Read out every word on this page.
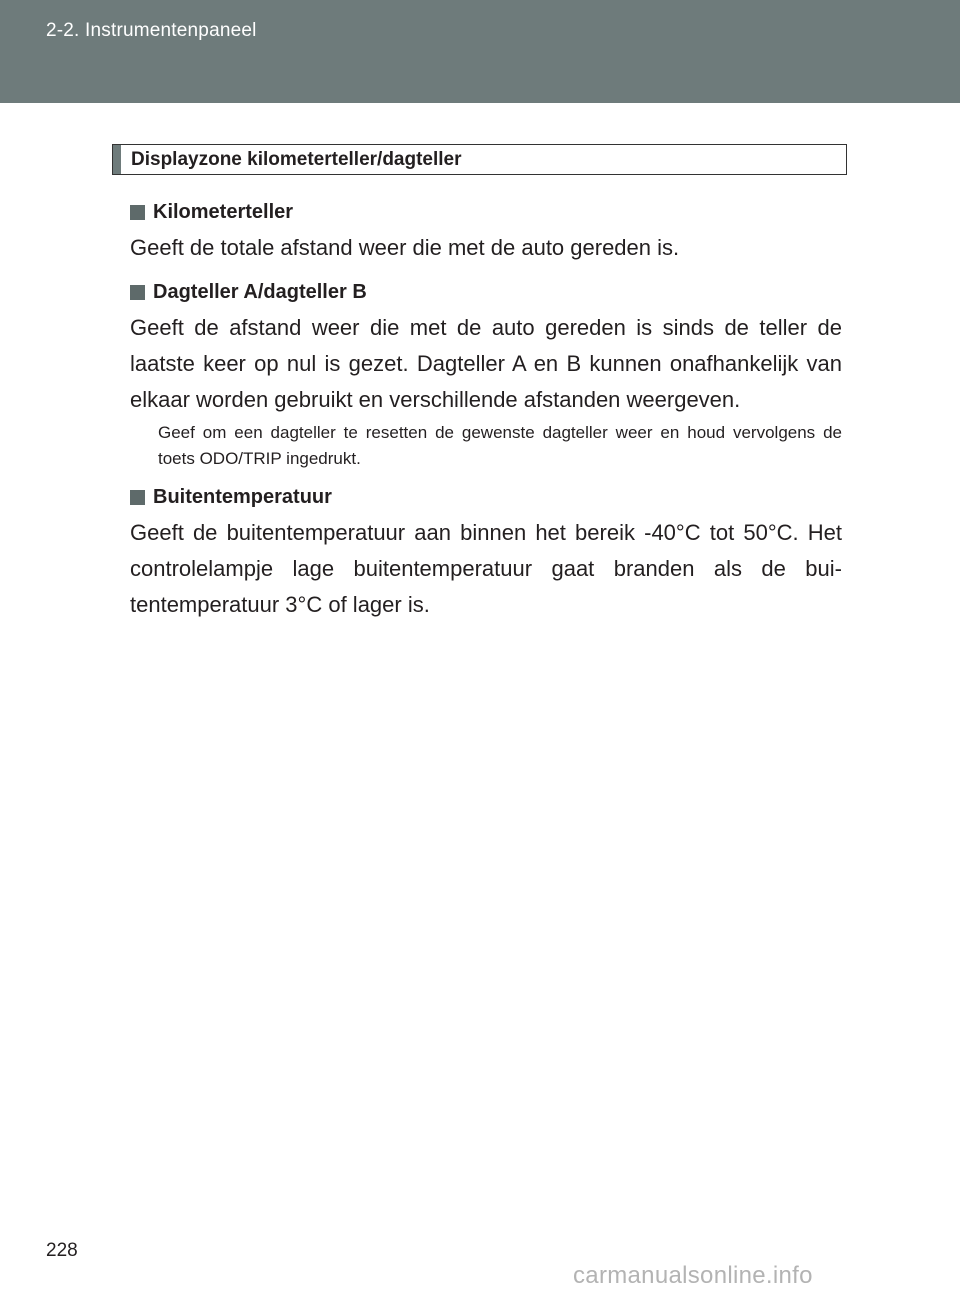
2-2. Instrumentenpaneel
Displayzone kilometerteller/dagteller
Kilometerteller

Geeft de totale afstand weer die met de auto gereden is.

Dagteller A/dagteller B

Geeft de afstand weer die met de auto gereden is sinds de teller de laatste keer op nul is gezet. Dagteller A en B kunnen onafhankelijk van elkaar worden gebruikt en verschillende afstanden weergeven.

Geef om een dagteller te resetten de gewenste dagteller weer en houd vervolgens de toets ODO/TRIP ingedrukt.

Buitentemperatuur

Geeft de buitentemperatuur aan binnen het bereik -40°C tot 50°C. Het controlelampje lage buitentemperatuur gaat branden als de bui-tentemperatuur 3°C of lager is.

228
carmanualsonline.info
